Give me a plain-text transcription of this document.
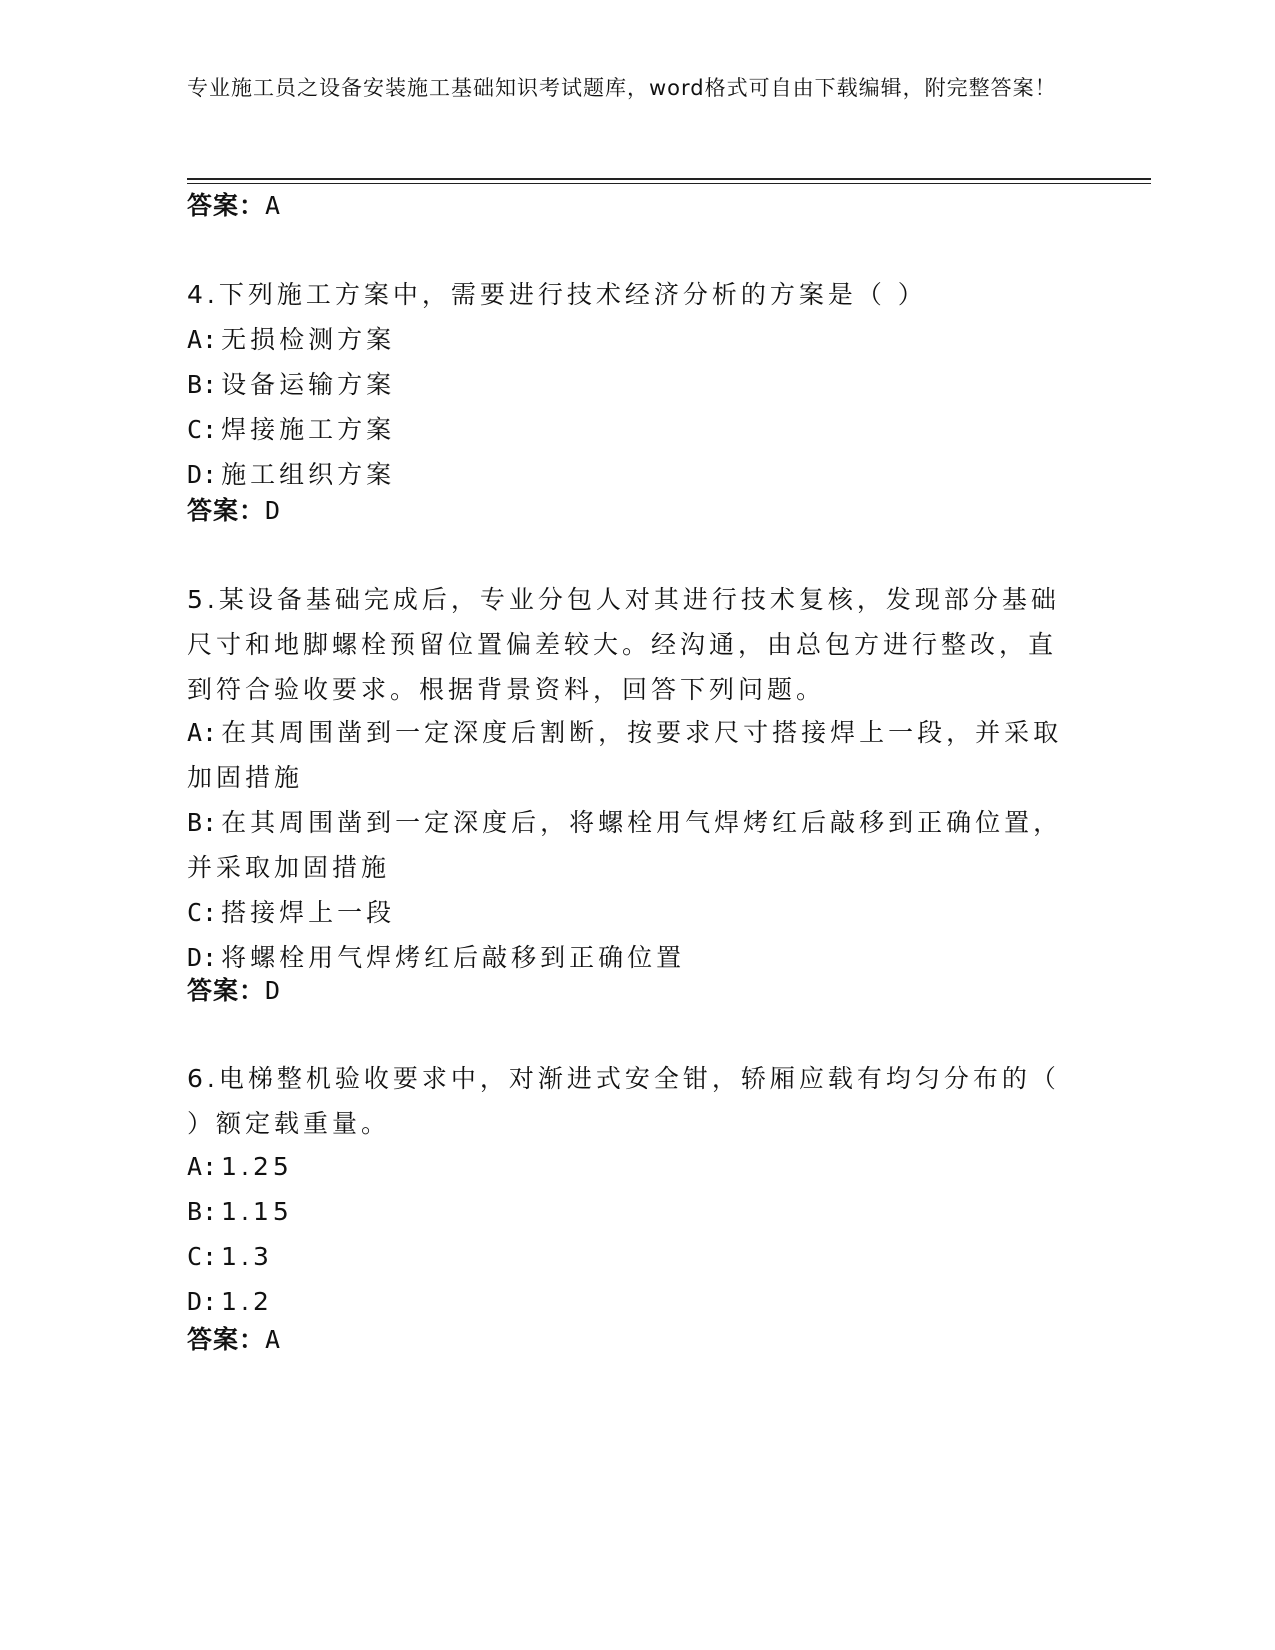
专业施工员之设备安装施工基础知识考试题库，word格式可自由下载编辑，附完整答案！
答案：A
4.下列施工方案中，需要进行技术经济分析的方案是（ ）
A: 无损检测方案
B: 设备运输方案
C: 焊接施工方案
D: 施工组织方案
答案：D
5.某设备基础完成后，专业分包人对其进行技术复核，发现部分基础尺寸和地脚螺栓预留位置偏差较大。经沟通，由总包方进行整改，直到符合验收要求。根据背景资料，回答下列问题。
A: 在其周围凿到一定深度后割断，按要求尺寸搭接焊上一段，并采取加固措施
B: 在其周围凿到一定深度后，将螺栓用气焊烤红后敲移到正确位置，并采取加固措施
C: 搭接焊上一段
D: 将螺栓用气焊烤红后敲移到正确位置
答案：D
6.电梯整机验收要求中，对渐进式安全钳，轿厢应载有均匀分布的（ ）额定载重量。
A: 1.25
B: 1.15
C: 1.3
D: 1.2
答案：A
